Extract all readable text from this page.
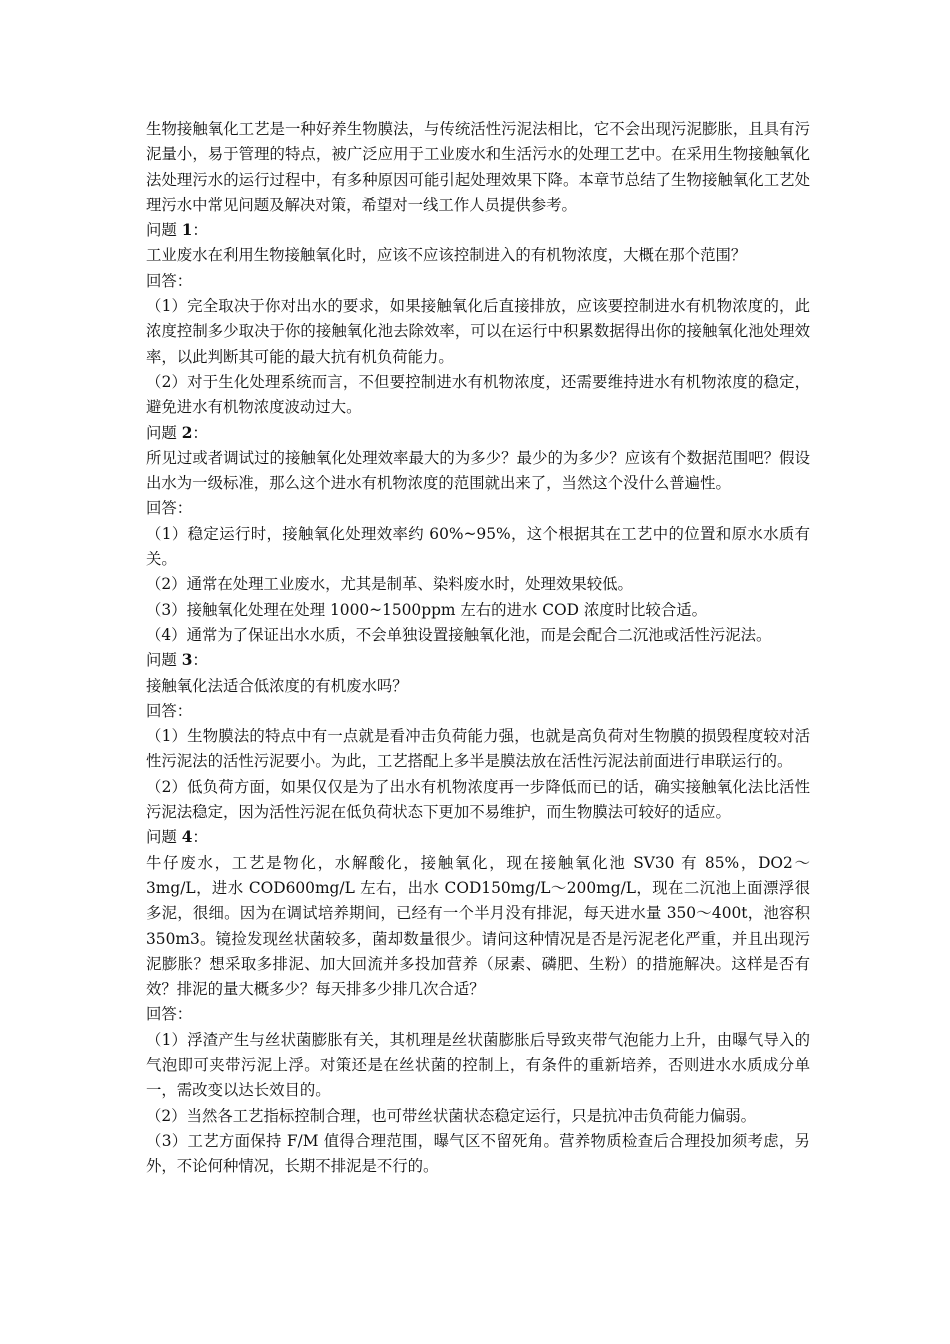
生物接触氧化工艺是一种好养生物膜法，与传统活性污泥法相比，它不会出现污泥膨胀，且具有污泥量小，易于管理的特点，被广泛应用于工业废水和生活污水的处理工艺中。在采用生物接触氧化法处理污水的运行过程中，有多种原因可能引起处理效果下降。本章节总结了生物接触氧化工艺处理污水中常见问题及解决对策，希望对一线工作人员提供参考。

问题 1：

工业废水在利用生物接触氧化时，应该不应该控制进入的有机物浓度，大概在那个范围？

回答：

（1）完全取决于你对出水的要求，如果接触氧化后直接排放，应该要控制进水有机物浓度的，此浓度控制多少取决于你的接触氧化池去除效率，可以在运行中积累数据得出你的接触氧化池处理效率，以此判断其可能的最大抗有机负荷能力。

（2）对于生化处理系统而言，不但要控制进水有机物浓度，还需要维持进水有机物浓度的稳定，避免进水有机物浓度波动过大。

问题 2：

所见过或者调试过的接触氧化处理效率最大的为多少？最少的为多少？应该有个数据范围吧？假设出水为一级标准，那么这个进水有机物浓度的范围就出来了，当然这个没什么普遍性。

回答：

（1）稳定运行时，接触氧化处理效率约 60%~95%，这个根据其在工艺中的位置和原水水质有关。

（2）通常在处理工业废水，尤其是制革、染料废水时，处理效果较低。

（3）接触氧化处理在处理 1000~1500ppm 左右的进水 COD 浓度时比较合适。

（4）通常为了保证出水水质，不会单独设置接触氧化池，而是会配合二沉池或活性污泥法。

问题 3：

接触氧化法适合低浓度的有机废水吗？

回答：

（1）生物膜法的特点中有一点就是看冲击负荷能力强，也就是高负荷对生物膜的损毁程度较对活性污泥法的活性污泥要小。为此，工艺搭配上多半是膜法放在活性污泥法前面进行串联运行的。

（2）低负荷方面，如果仅仅是为了出水有机物浓度再一步降低而已的话，确实接触氧化法比活性污泥法稳定，因为活性污泥在低负荷状态下更加不易维护，而生物膜法可较好的适应。

问题 4：

牛仔废水，工艺是物化，水解酸化，接触氧化，现在接触氧化池 SV30 有 85%，DO2～3mg/L，进水 COD600mg/L 左右，出水 COD150mg/L～200mg/L，现在二沉池上面漂浮很多泥，很细。因为在调试培养期间，已经有一个半月没有排泥，每天进水量 350～400t，池容积 350m3。镜捡发现丝状菌较多，菌却数量很少。请问这种情况是否是污泥老化严重，并且出现污泥膨胀？想采取多排泥、加大回流并多投加营养（尿素、磷肥、生粉）的措施解决。这样是否有效？排泥的量大概多少？每天排多少排几次合适？

回答：

（1）浮渣产生与丝状菌膨胀有关，其机理是丝状菌膨胀后导致夹带气泡能力上升，由曝气导入的气泡即可夹带污泥上浮。对策还是在丝状菌的控制上，有条件的重新培养，否则进水水质成分单一，需改变以达长效目的。

（2）当然各工艺指标控制合理，也可带丝状菌状态稳定运行，只是抗冲击负荷能力偏弱。

（3）工艺方面保持 F/M 值得合理范围，曝气区不留死角。营养物质检查后合理投加须考虑，另外，不论何种情况，长期不排泥是不行的。
